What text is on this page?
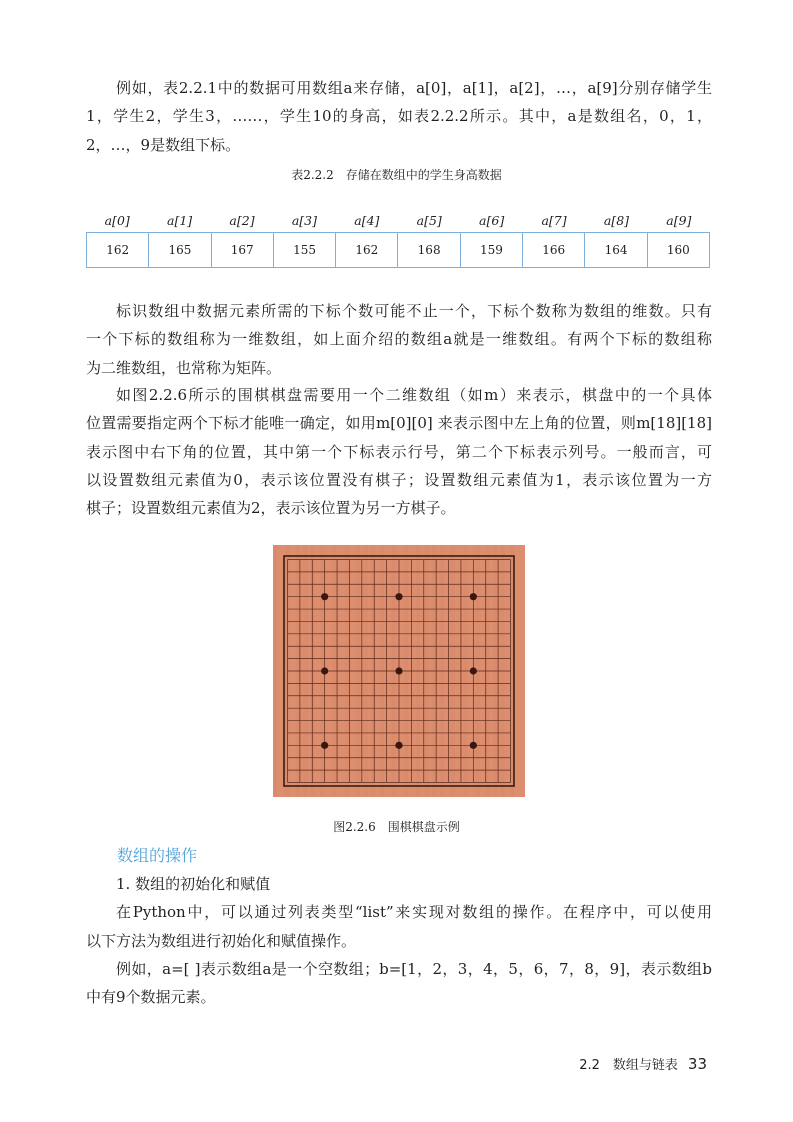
例如，表2.2.1中的数据可用数组a来存储，a[0]，a[1]，a[2]，…，a[9]分别存储学生
1，学生2，学生3，……，学生10的身高，如表2.2.2所示。其中，a是数组名，0，1，
2，…，9是数组下标。
表2.2.2　存储在数组中的学生身高数据
a[0]	a[1]	a[2]	a[3]	a[4]	a[5]	a[6]	a[7]	a[8]	a[9]
162	165	167	155	162	168	159	166	164	160
标识数组中数据元素所需的下标个数可能不止一个，下标个数称为数组的维数。只有
一个下标的数组称为一维数组，如上面介绍的数组a就是一维数组。有两个下标的数组称
为二维数组，也常称为矩阵。
如图2.2.6所示的围棋棋盘需要用一个二维数组（如m）来表示，棋盘中的一个具体
位置需要指定两个下标才能唯一确定，如用m[0][0] 来表示图中左上角的位置，则m[18][18]
表示图中右下角的位置，其中第一个下标表示行号，第二个下标表示列号。一般而言，可
以设置数组元素值为0，表示该位置没有棋子；设置数组元素值为1，表示该位置为一方
棋子；设置数组元素值为2，表示该位置为另一方棋子。
图2.2.6　围棋棋盘示例
数组的操作
1. 数组的初始化和赋值
在Python中，可以通过列表类型“list”来实现对数组的操作。在程序中，可以使用
以下方法为数组进行初始化和赋值操作。
例如，a=[ ]表示数组a是一个空数组；b=[1，2，3，4，5，6，7，8，9]，表示数组b
中有9个数据元素。
2.2　数组与链表 33
